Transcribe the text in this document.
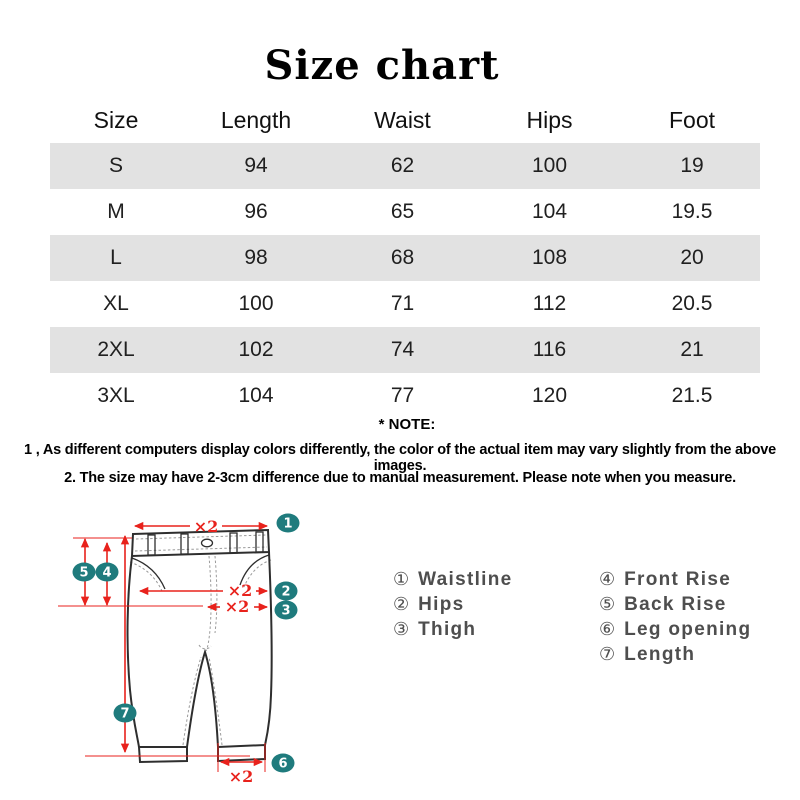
Size chart
Size	Length	Waist	Hips	Foot
S	94	62	100	19
M	96	65	104	19.5
L	98	68	108	20
XL	100	71	112	20.5
2XL	102	74	116	21
3XL	104	77	120	21.5
* NOTE:
1 , As different computers display colors differently, the color of the actual item may vary slightly from the above images.
2. The size may have 2-3cm difference due to manual measurement. Please note when you measure.
×2
×2
×2
×2
1
2
3
4
5
6
7
① Waistline
② Hips
③ Thigh
④ Front Rise
⑤ Back Rise
⑥ Leg opening
⑦ Length
